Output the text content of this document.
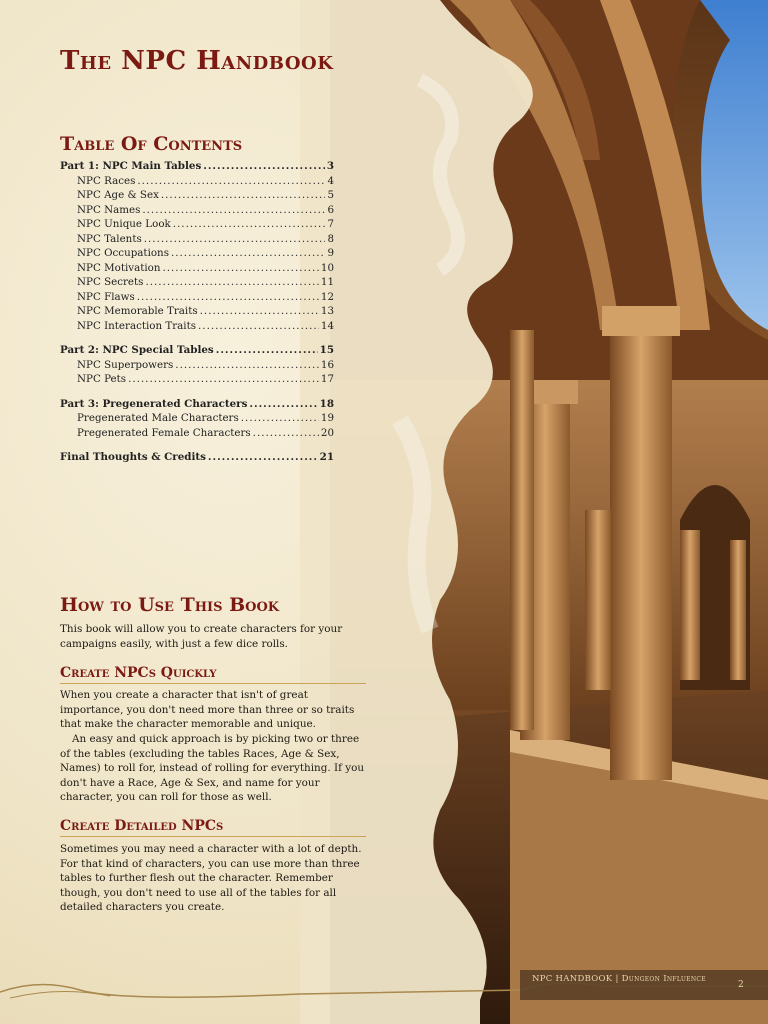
The NPC Handbook
Table Of Contents
Part 1: NPC Main Tables .....	3
NPC Races .....	4
NPC Age & Sex .....	5
NPC Names .....	6
NPC Unique Look .....	7
NPC Talents .....	8
NPC Occupations .....	9
NPC Motivation .....	10
NPC Secrets .....	11
NPC Flaws .....	12
NPC Memorable Traits .....	13
NPC Interaction Traits .....	14
Part 2: NPC Special Tables .....	15
NPC Superpowers .....	16
NPC Pets .....	17
Part 3: Pregenerated Characters .....	18
Pregenerated Male Characters .....	19
Pregenerated Female Characters .....	20
Final Thoughts & Credits .....	21
How to Use This Book

This book will allow you to create characters for your campaigns easily, with just a few dice rolls.

Create NPCs Quickly

When you create a character that isn't of great importance, you don't need more than three or so traits that make the character memorable and unique.

An easy and quick approach is by picking two or three of the tables (excluding the tables Races, Age & Sex, Names) to roll for, instead of rolling for everything. If you don't have a Race, Age & Sex, and name for your character, you can roll for those as well.

Create Detailed NPCs

Sometimes you may need a character with a lot of depth. For that kind of characters, you can use more than three tables to further flesh out the character. Remember though, you don't need to use all of the tables for all detailed characters you create.

NPC HANDBOOK | Dungeon Influence
2
